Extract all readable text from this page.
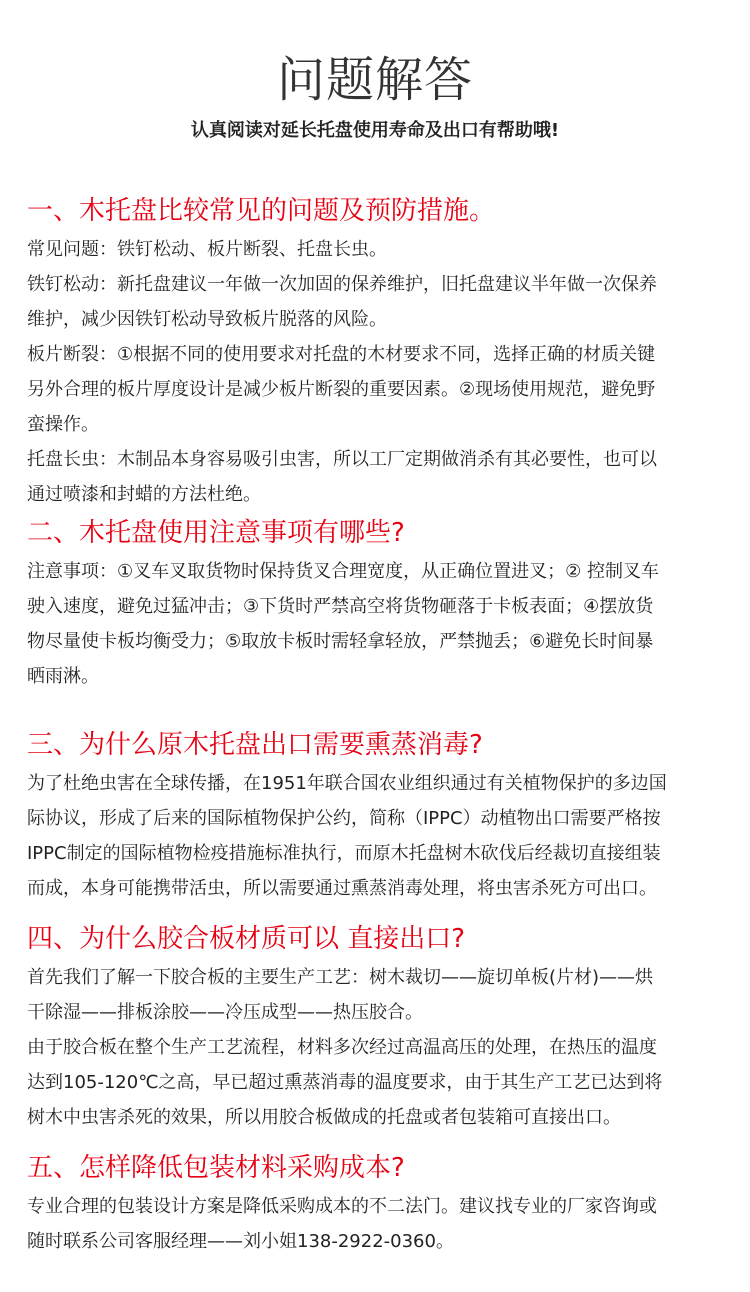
问题解答

认真阅读对延长托盘使用寿命及出口有帮助哦!

一、木托盘比较常见的问题及预防措施。

常见问题：铁钉松动、板片断裂、托盘长虫。

铁钉松动：新托盘建议一年做一次加固的保养维护，旧托盘建议半年做一次保养
维护，减少因铁钉松动导致板片脱落的风险。

板片断裂：①根据不同的使用要求对托盘的木材要求不同，选择正确的材质关键
另外合理的板片厚度设计是减少板片断裂的重要因素。②现场使用规范，避免野
蛮操作。

托盘长虫：木制品本身容易吸引虫害，所以工厂定期做消杀有其必要性，也可以
通过喷漆和封蜡的方法杜绝。

二、木托盘使用注意事项有哪些?

注意事项：①叉车叉取货物时保持货叉合理宽度，从正确位置进叉；② 控制叉车
驶入速度，避免过猛冲击；③下货时严禁高空将货物砸落于卡板表面；④摆放货
物尽量使卡板均衡受力；⑤取放卡板时需轻拿轻放，严禁抛丢；⑥避免长时间暴
晒雨淋。

三、为什么原木托盘出口需要熏蒸消毒?

为了杜绝虫害在全球传播，在1951年联合国农业组织通过有关植物保护的多边国
际协议，形成了后来的国际植物保护公约，简称（IPPC）动植物出口需要严格按
IPPC制定的国际植物检疫措施标准执行，而原木托盘树木砍伐后经裁切直接组装
而成，本身可能携带活虫，所以需要通过熏蒸消毒处理，将虫害杀死方可出口。

四、为什么胶合板材质可以 直接出口?

首先我们了解一下胶合板的主要生产工艺：树木裁切——旋切单板(片材)——烘
干除湿——排板涂胶——冷压成型——热压胶合。

由于胶合板在整个生产工艺流程，材料多次经过高温高压的处理，在热压的温度
达到105-120℃之高，早已超过熏蒸消毒的温度要求，由于其生产工艺已达到将
树木中虫害杀死的效果，所以用胶合板做成的托盘或者包装箱可直接出口。

五、怎样降低包装材料采购成本?

专业合理的包装设计方案是降低采购成本的不二法门。建议找专业的厂家咨询或
随时联系公司客服经理——刘小姐138-2922-0360。
